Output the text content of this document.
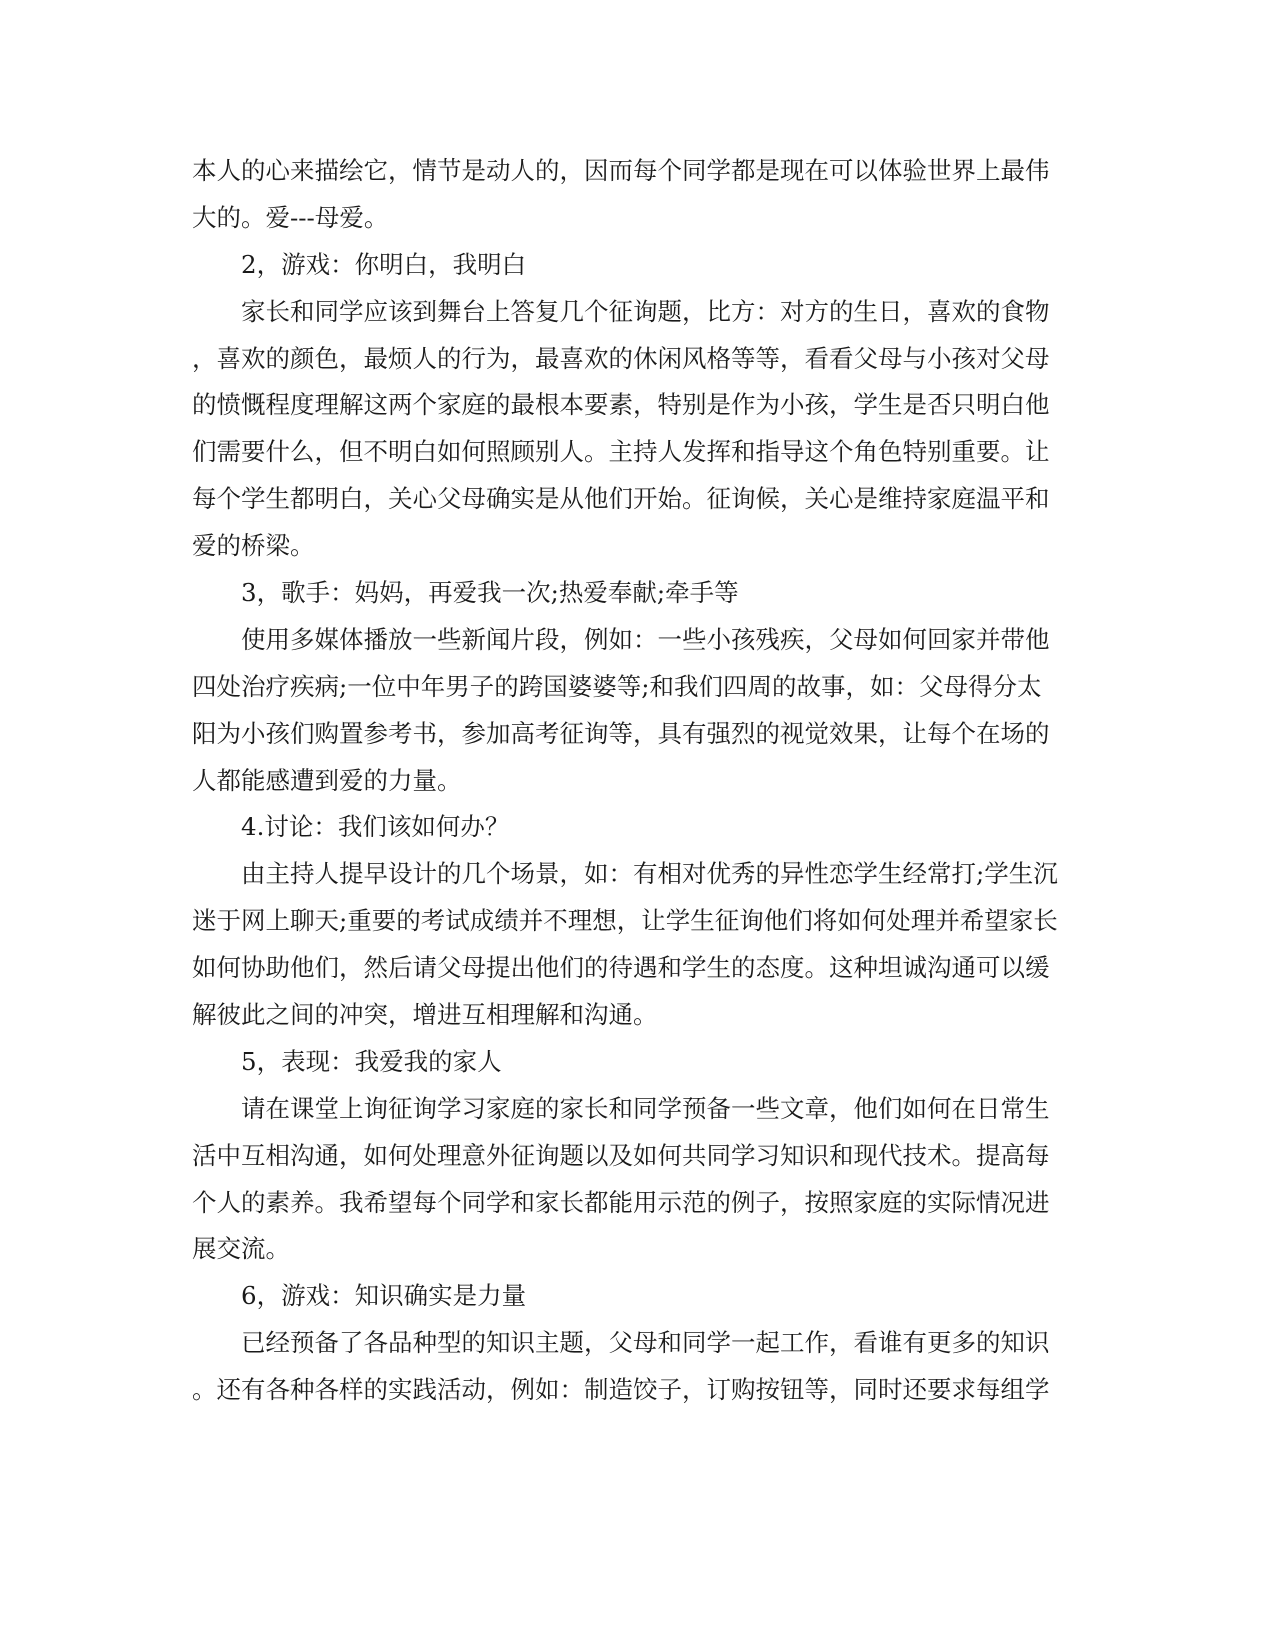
本人的心来描绘它，情节是动人的，因而每个同学都是现在可以体验世界上最伟
大的。爱---母爱。
2，游戏：你明白，我明白
家长和同学应该到舞台上答复几个征询题，比方：对方的生日，喜欢的食物
，喜欢的颜色，最烦人的行为，最喜欢的休闲风格等等，看看父母与小孩对父母
的愤慨程度理解这两个家庭的最根本要素，特别是作为小孩，学生是否只明白他
们需要什么，但不明白如何照顾别人。主持人发挥和指导这个角色特别重要。让
每个学生都明白，关心父母确实是从他们开始。征询候，关心是维持家庭温平和
爱的桥梁。
3，歌手：妈妈，再爱我一次;热爱奉献;牵手等
使用多媒体播放一些新闻片段，例如：一些小孩残疾，父母如何回家并带他
四处治疗疾病;一位中年男子的跨国婆婆等;和我们四周的故事，如：父母得分太
阳为小孩们购置参考书，参加高考征询等，具有强烈的视觉效果，让每个在场的
人都能感遭到爱的力量。
4.讨论：我们该如何办？
由主持人提早设计的几个场景，如：有相对优秀的异性恋学生经常打;学生沉
迷于网上聊天;重要的考试成绩并不理想，让学生征询他们将如何处理并希望家长
如何协助他们，然后请父母提出他们的待遇和学生的态度。这种坦诚沟通可以缓
解彼此之间的冲突，增进互相理解和沟通。
5，表现：我爱我的家人
请在课堂上询征询学习家庭的家长和同学预备一些文章，他们如何在日常生
活中互相沟通，如何处理意外征询题以及如何共同学习知识和现代技术。提高每
个人的素养。我希望每个同学和家长都能用示范的例子，按照家庭的实际情况进
展交流。
6，游戏：知识确实是力量
已经预备了各品种型的知识主题，父母和同学一起工作，看谁有更多的知识
。还有各种各样的实践活动，例如：制造饺子，订购按钮等，同时还要求每组学
